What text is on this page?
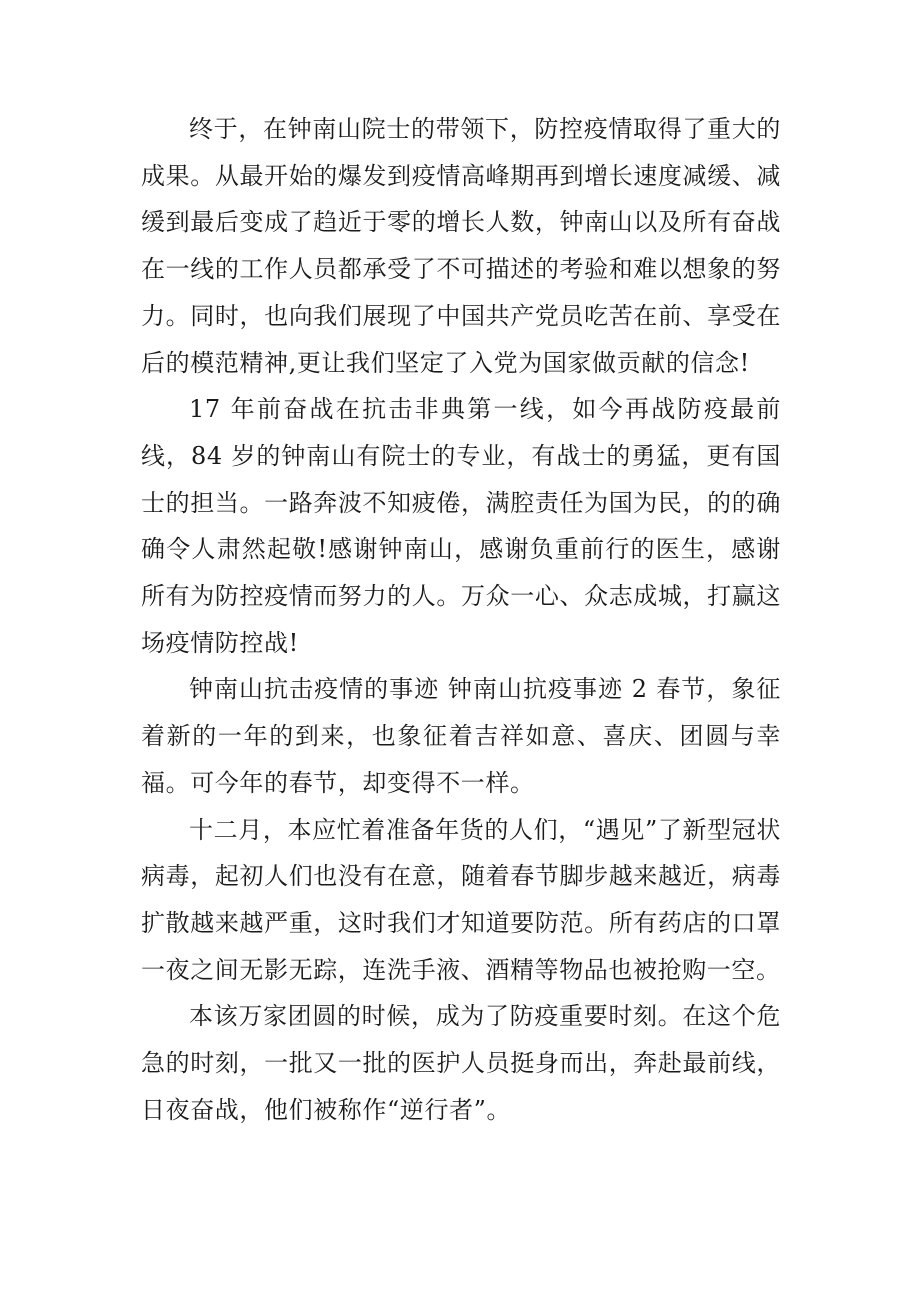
终于，在钟南山院士的带领下，防控疫情取得了重大的成果。从最开始的爆发到疫情高峰期再到增长速度减缓、减缓到最后变成了趋近于零的增长人数，钟南山以及所有奋战在一线的工作人员都承受了不可描述的考验和难以想象的努力。同时，也向我们展现了中国共产党员吃苦在前、享受在后的模范精神,更让我们坚定了入党为国家做贡献的信念!

17 年前奋战在抗击非典第一线，如今再战防疫最前线，84 岁的钟南山有院士的专业，有战士的勇猛，更有国士的担当。一路奔波不知疲倦，满腔责任为国为民，的的确确令人肃然起敬!感谢钟南山，感谢负重前行的医生，感谢所有为防控疫情而努力的人。万众一心、众志成城，打赢这场疫情防控战!

钟南山抗击疫情的事迹 钟南山抗疫事迹 2 春节，象征着新的一年的到来，也象征着吉祥如意、喜庆、团圆与幸福。可今年的春节，却变得不一样。

十二月，本应忙着准备年货的人们，“遇见”了新型冠状病毒，起初人们也没有在意，随着春节脚步越来越近，病毒扩散越来越严重，这时我们才知道要防范。所有药店的口罩一夜之间无影无踪，连洗手液、酒精等物品也被抢购一空。

本该万家团圆的时候，成为了防疫重要时刻。在这个危急的时刻，一批又一批的医护人员挺身而出，奔赴最前线，日夜奋战，他们被称作“逆行者”。
